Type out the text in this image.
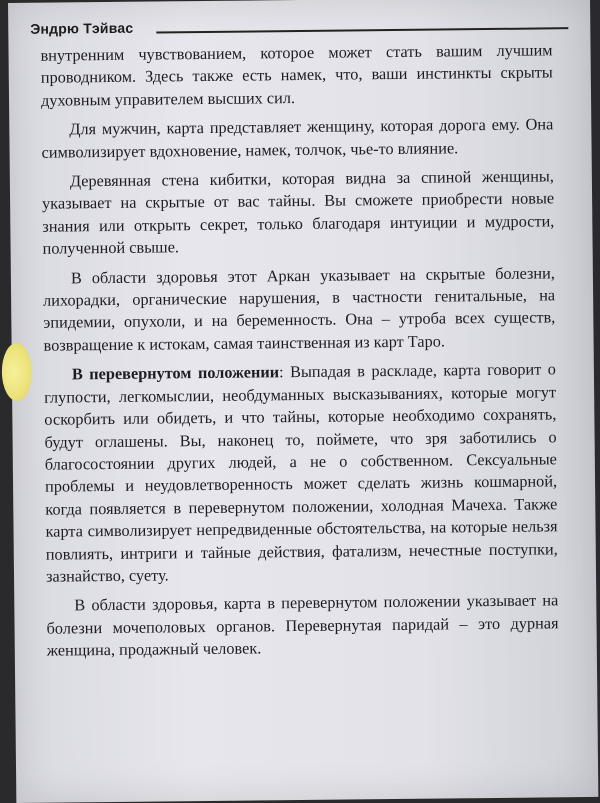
Эндрю Тэйвас

внутренним чувствованием, которое может стать вашим лучшим проводником. Здесь также есть намек, что, ваши инстинкты скрыты духовным управителем высших сил.

Для мужчин, карта представляет женщину, которая дорога ему. Она символизирует вдохновение, намек, толчок, чье-то влияние.

Деревянная стена кибитки, которая видна за спиной женщины, указывает на скрытые от вас тайны. Вы сможете приобрести новые знания или открыть секрет, только благодаря интуиции и мудрости, полученной свыше.

В области здоровья этот Аркан указывает на скрытые болезни, лихорадки, органические нарушения, в частности генитальные, на эпидемии, опухоли, и на беременность. Она – утроба всех существ, возвращение к истокам, самая таинственная из карт Таро.

В перевернутом положении: Выпадая в раскладе, карта говорит о глупости, легкомыслии, необдуманных высказываниях, которые могут оскорбить или обидеть, и что тайны, которые необходимо сохранять, будут оглашены. Вы, наконец то, поймете, что зря заботились о благосостоянии других людей, а не о собственном. Сексуальные проблемы и неудовлетворенность может сделать жизнь кошмарной, когда появляется в перевернутом положении, холодная Мачеха. Также карта символизирует непредвиденные обстоятельства, на которые нельзя повлиять, интриги и тайные действия, фатализм, нечестные поступки, зазнайство, суету.

В области здоровья, карта в перевернутом положении указывает на болезни мочеполовых органов. Перевернутая паридай – это дурная женщина, продажный человек.
